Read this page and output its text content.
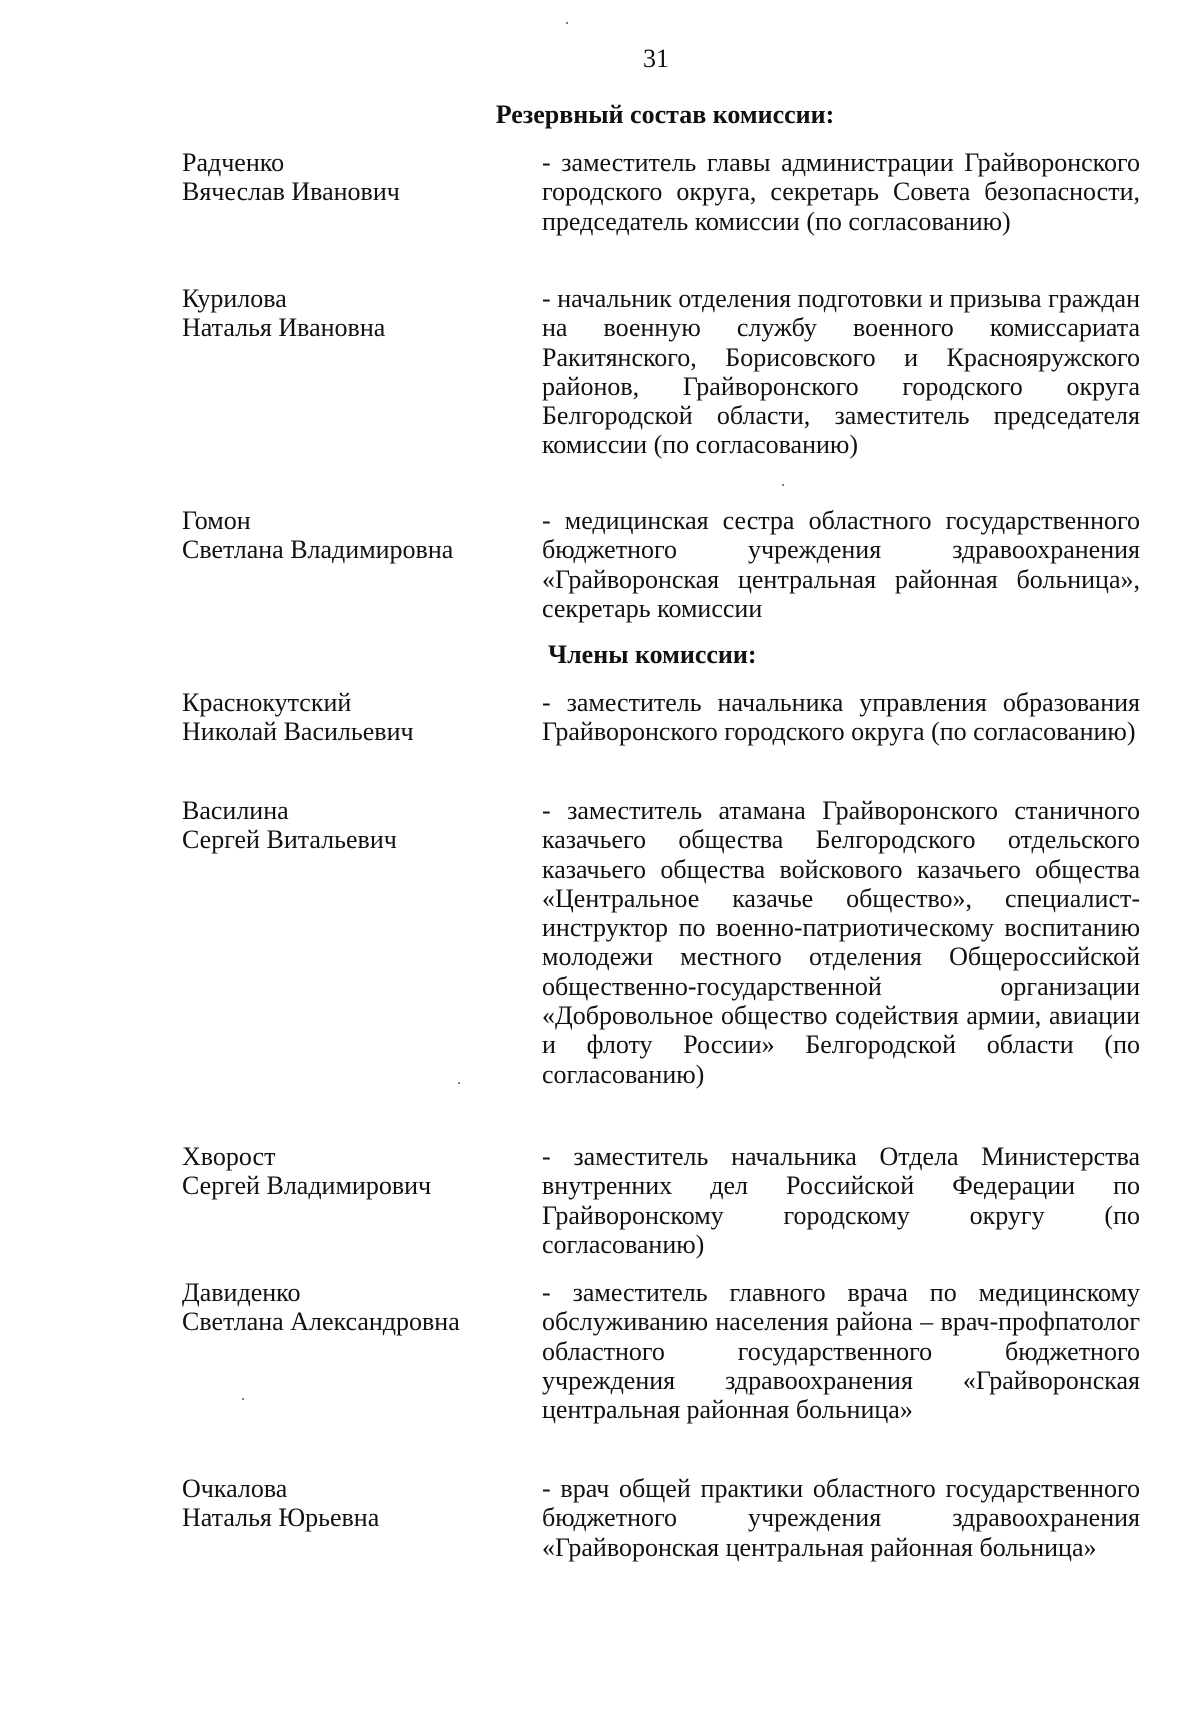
31
Резервный состав комиссии:
Радченко
Вячеслав Иванович
- заместитель главы администрации Грайворонского городского округа, секретарь Совета безопасности, председатель комиссии (по согласованию)
Курилова
Наталья Ивановна
- начальник отделения подготовки и призыва граждан на военную службу военного комиссариата Ракитянского, Борисовского и Краснояружского районов, Грайворонского городского округа Белгородской области, заместитель председателя комиссии (по согласованию)
Гомон
Светлана Владимировна
- медицинская сестра областного государственного бюджетного учреждения здравоохранения «Грайворонская центральная районная больница», секретарь комиссии
Члены комиссии:
Краснокутский
Николай Васильевич
- заместитель начальника управления образования Грайворонского городского округа (по согласованию)
Василина
Сергей Витальевич
- заместитель атамана Грайворонского станичного казачьего общества Белгородского отдельского казачьего общества войскового казачьего общества «Центральное казачье общество», специалист-инструктор по военно-патриотическому воспитанию молодежи местного отделения Общероссийской общественно-государственной организации «Добровольное общество содействия армии, авиации и флоту России» Белгородской области (по согласованию)
Хворост
Сергей Владимирович
- заместитель начальника Отдела Министерства внутренних дел Российской Федерации по Грайворонскому городскому округу (по согласованию)
Давиденко
Светлана Александровна
- заместитель главного врача по медицинскому обслуживанию населения района – врач-профпатолог областного государственного бюджетного учреждения здравоохранения «Грайворонская центральная районная больница»
Очкалова
Наталья Юрьевна
- врач общей практики областного государственного бюджетного учреждения здравоохранения «Грайворонская центральная районная больница»
